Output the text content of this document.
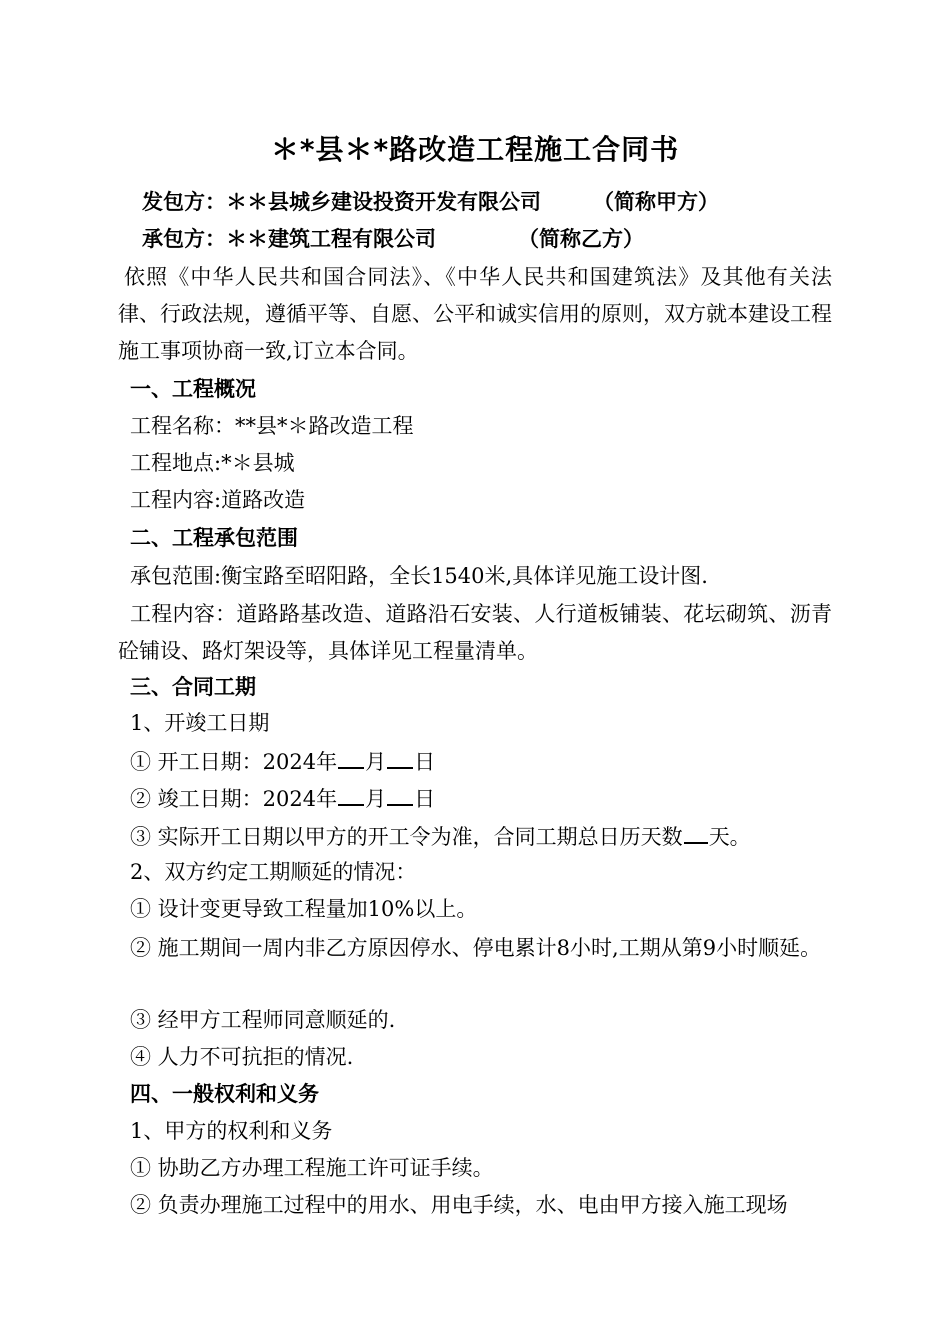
＊*县＊*路改造工程施工合同书
发包方：＊＊县城乡建设投资开发有限公司 （简称甲方）
承包方：＊＊建筑工程有限公司	（简称乙方）
依照《中华人民共和国合同法》、《中华人民共和国建筑法》及其他有关法律、行政法规，遵循平等、自愿、公平和诚实信用的原则，双方就本建设工程施工事项协商一致,订立本合同。
一、工程概况
工程名称：**县*＊路改造工程
工程地点:*＊县城
工程内容:道路改造
二、工程承包范围
承包范围:衡宝路至昭阳路，全长1540米,具体详见施工设计图.
工程内容：道路路基改造、道路沿石安装、人行道板铺装、花坛砌筑、沥青砼铺设、路灯架设等，具体详见工程量清单。
三、合同工期
1、开竣工日期
① 开工日期：2024年 月 日
② 竣工日期：2024年 月 日
③ 实际开工日期以甲方的开工令为准，合同工期总日历天数 天。
2、双方约定工期顺延的情况：
① 设计变更导致工程量加10%以上。
② 施工期间一周内非乙方原因停水、停电累计8小时,工期从第9小时顺延。
③ 经甲方工程师同意顺延的.
④ 人力不可抗拒的情况.
四、一般权利和义务
1、甲方的权利和义务
① 协助乙方办理工程施工许可证手续。
② 负责办理施工过程中的用水、用电手续，水、电由甲方接入施工现场
